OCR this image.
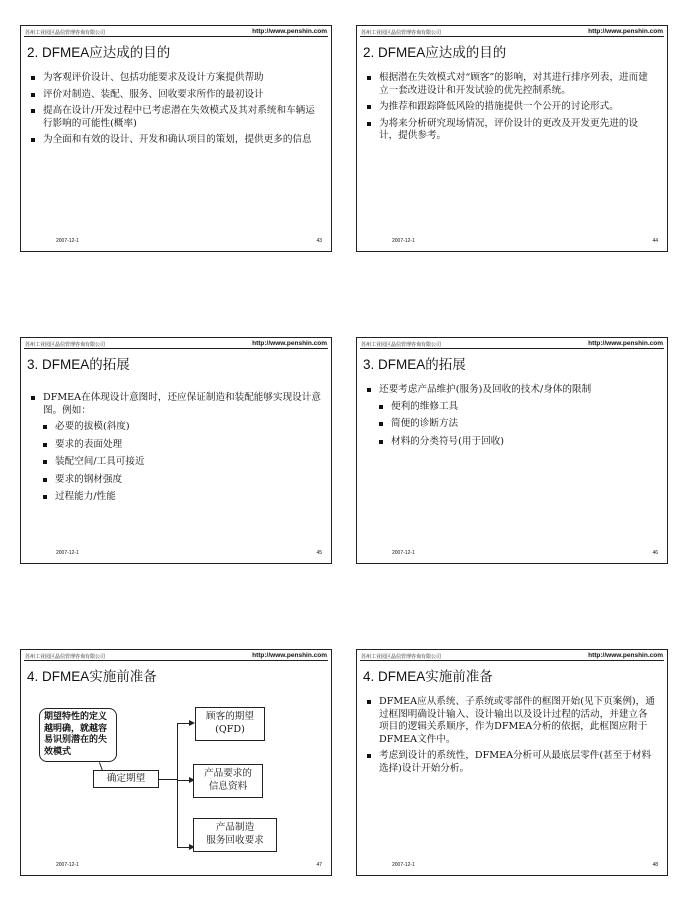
苏州工业园区晶信管理咨询有限公司	http://www.penshin.com
2. DFMEA应达成的目的
为客观评价设计、包括功能要求及设计方案提供帮助
评价对制造、装配、服务、回收要求所作的最初设计
提高在设计/开发过程中已考虑潜在失效模式及其对系统和车辆运行影响的可能性(概率)
为全面和有效的设计、开发和确认项目的策划，提供更多的信息
2007-12-1	43
苏州工业园区晶信管理咨询有限公司	http://www.penshin.com
2. DFMEA应达成的目的
根据潜在失效模式对“顾客”的影响，对其进行排序列表，进而建立一套改进设计和开发试验的优先控制系统。
为推荐和跟踪降低风险的措施提供一个公开的讨论形式。
为将来分析研究现场情况，评价设计的更改及开发更先进的设计，提供参考。
2007-12-1	44
苏州工业园区晶信管理咨询有限公司	http://www.penshin.com
3. DFMEA的拓展
DFMEA在体现设计意图时，还应保证制造和装配能够实现设计意图。例如：
必要的拔模(斜度)
要求的表面处理
装配空间/工具可接近
要求的钢材强度
过程能力/性能
2007-12-1	45
苏州工业园区晶信管理咨询有限公司	http://www.penshin.com
3. DFMEA的拓展
还要考虑产品维护(服务)及回收的技术/身体的限制
便利的维修工具
简便的诊断方法
材料的分类符号(用于回收)
2007-12-1	46
苏州工业园区晶信管理咨询有限公司	http://www.penshin.com
4. DFMEA实施前准备
期望特性的定义越明确，就越容易识别潜在的失效模式
确定期望
顾客的期望
(QFD)
产品要求的
信息资料
产品制造
服务回收要求
2007-12-1	47
苏州工业园区晶信管理咨询有限公司	http://www.penshin.com
4. DFMEA实施前准备
DFMEA应从系统、子系统或零部件的框图开始(见下页案例)，通过框图明确设计输入、设计输出以及设计过程的活动，并建立各项目的逻辑关系顺序，作为DFMEA分析的依据，此框图应附于DFMEA文件中。
考虑到设计的系统性，DFMEA分析可从最底层零件(甚至于材料选择)设计开始分析。
2007-12-1	48
